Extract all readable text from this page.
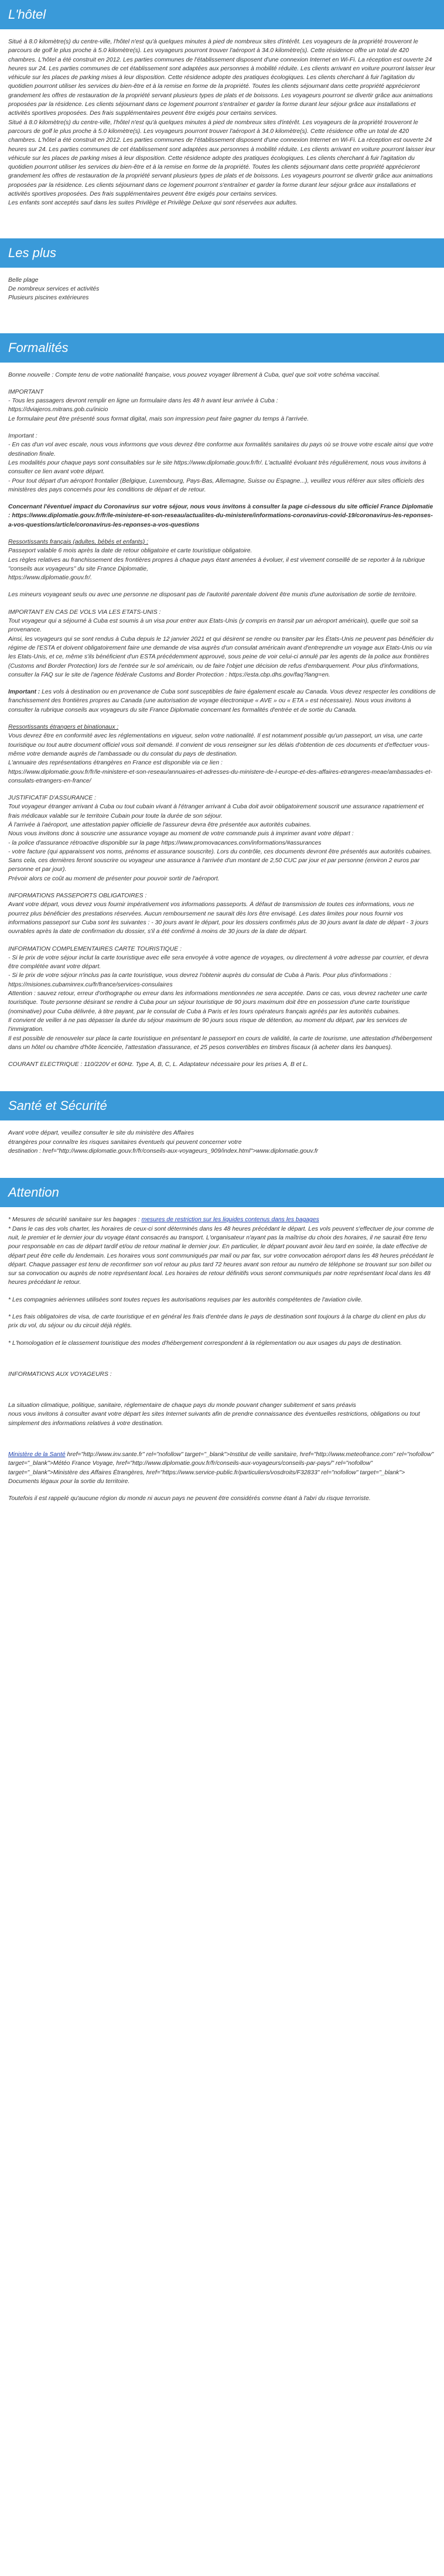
L'hôtel

Situé à 8.0 kilomètre(s) du centre-ville, l'hôtel n'est qu'à quelques minutes à pied de nombreux sites d'intérêt. Les voyageurs de la propriété trouveront le parcours de golf le plus proche à 5.0 kilomètre(s). Les voyageurs pourront trouver l'aéroport à 34.0 kilomètre(s). Cette résidence offre un total de 420 chambres. L'hôtel a été construit en 2012. Les parties communes de l'établissement disposent d'une connexion Internet en Wi-Fi. La réception est ouverte 24 heures sur 24. Les parties communes de cet établissement sont adaptées aux personnes à mobilité réduite. Les clients arrivant en voiture pourront laisser leur véhicule sur les places de parking mises à leur disposition. Cette résidence adopte des pratiques écologiques. Les clients cherchant à fuir l'agitation du quotidien pourront utiliser les services du bien-être et à la remise en forme de la propriété. Toutes les clients séjournant dans cette propriété apprécieront grandement les offres de restauration de la propriété servant plusieurs types de plats et de boissons. Les voyageurs pourront se divertir grâce aux animations proposées par la résidence. Les clients séjournant dans ce logement pourront s'entraîner et garder la forme durant leur séjour grâce aux installations et activités sportives proposées. Des frais supplémentaires peuvent être exigés pour certains services.

Situé à 8.0 kilomètre(s) du centre-ville, l'hôtel n'est qu'à quelques minutes à pied de nombreux sites d'intérêt. Les voyageurs de la propriété trouveront le parcours de golf le plus proche à 5.0 kilomètre(s). Les voyageurs pourront trouver l'aéroport à 34.0 kilomètre(s). Cette résidence offre un total de 420 chambres. L'hôtel a été construit en 2012. Les parties communes de l'établissement disposent d'une connexion Internet en Wi-Fi. La réception est ouverte 24 heures sur 24. Les parties communes de cet établissement sont adaptées aux personnes à mobilité réduite. Les clients arrivant en voiture pourront laisser leur véhicule sur les places de parking mises à leur disposition. Cette résidence adopte des pratiques écologiques. Les clients cherchant à fuir l'agitation du quotidien pourront utiliser les services du bien-être et à la remise en forme de la propriété. Toutes les clients séjournant dans cette propriété apprécieront grandement les offres de restauration de la propriété servant plusieurs types de plats et de boissons. Les voyageurs pourront se divertir grâce aux animations proposées par la résidence. Les clients séjournant dans ce logement pourront s'entraîner et garder la forme durant leur séjour grâce aux installations et activités sportives proposées. Des frais supplémentaires peuvent être exigés pour certains services.

Les enfants sont acceptés sauf dans les suites Privilège et Privilège Deluxe qui sont réservées aux adultes.

Les plus

Belle plage
De nombreux services et activités
Plusieurs piscines extérieures

Formalités

Bonne nouvelle : Compte tenu de votre nationalité française, vous pouvez voyager librement à Cuba, quel que soit votre schéma vaccinal.

IMPORTANT
- Tous les passagers devront remplir en ligne un formulaire dans les 48 h avant leur arrivée à Cuba :
https://dviajeros.mitrans.gob.cu/inicio
Le formulaire peut être présenté sous format digital, mais son impression peut faire gagner du temps à l'arrivée.

Important :
- En cas d'un vol avec escale, nous vous informons que vous devrez être conforme aux formalités sanitaires du pays où se trouve votre escale ainsi que votre destination finale.
Les modalités pour chaque pays sont consultables sur le site https://www.diplomatie.gouv.fr/fr/. L'actualité évoluant très régulièrement, nous vous invitons à consulter ce lien avant votre départ.
- Pour tout départ d'un aéroport frontalier (Belgique, Luxembourg, Pays-Bas, Allemagne, Suisse ou Espagne...), veuillez vous référer aux sites officiels des ministères des pays concernés pour les conditions de départ et de retour.

Concernant l'éventuel impact du Coronavirus sur votre séjour, nous vous invitons à consulter la page ci-dessous du site officiel France Diplomatie : https://www.diplomatie.gouv.fr/fr/le-ministere-et-son-reseau/actualites-du-ministere/informations-coronavirus-covid-19/coronavirus-les-reponses-a-vos-questions/article/coronavirus-les-reponses-a-vos-questions

Ressortissants français (adultes, bébés et enfants) :
Passeport valable 6 mois après la date de retour obligatoire et carte touristique obligatoire.
Les règles relatives au franchissement des frontières propres à chaque pays étant amenées à évoluer, il est vivement conseillé de se reporter à la rubrique "conseils aux voyageurs" du site France Diplomatie,
https://www.diplomatie.gouv.fr/.

Les mineurs voyageant seuls ou avec une personne ne disposant pas de l'autorité parentale doivent être munis d'une autorisation de sortie de territoire.

IMPORTANT EN CAS DE VOLS VIA LES ETATS-UNIS :
Tout voyageur qui a séjourné à Cuba est soumis à un visa pour entrer aux Etats-Unis (y compris en transit par un aéroport américain), quelle que soit sa provenance.
Ainsi, les voyageurs qui se sont rendus à Cuba depuis le 12 janvier 2021 et qui désirent se rendre ou transiter par les États-Unis ne peuvent pas bénéficier du régime de l'ESTA et doivent obligatoirement faire une demande de visa auprès d'un consulat américain avant d'entreprendre un voyage aux Etats-Unis ou via les Etats-Unis, et ce, même s'ils bénéficient d'un ESTA précédemment approuvé, sous peine de voir celui-ci annulé par les agents de la police aux frontières (Customs and Border Protection) lors de l'entrée sur le sol américain, ou de faire l'objet une décision de refus d'embarquement. Pour plus d'informations, consulter la FAQ sur le site de l'agence fédérale Customs and Border Protection : https://esta.cbp.dhs.gov/faq?lang=en.

Important : Les vols à destination ou en provenance de Cuba sont susceptibles de faire également escale au Canada. Vous devez respecter les conditions de franchissement des frontières propres au Canada (une autorisation de voyage électronique « AVE » ou « ETA » est nécessaire). Nous vous invitons à consulter la rubrique conseils aux voyageurs du site France Diplomatie concernant les formalités d'entrée et de sortie du Canada.

Ressortissants étrangers et binationaux :
Vous devrez être en conformité avec les réglementations en vigueur, selon votre nationalité. Il est notamment possible qu'un passeport, un visa, une carte touristique ou tout autre document officiel vous soit demandé. Il convient de vous renseigner sur les délais d'obtention de ces documents et d'effectuer vous-même votre demande auprès de l'ambassade ou du consulat du pays de destination.
L'annuaire des représentations étrangères en France est disponible via ce lien :
https://www.diplomatie.gouv.fr/fr/le-ministere-et-son-reseau/annuaires-et-adresses-du-ministere-de-l-europe-et-des-affaires-etrangeres-meae/ambassades-et-consulats-etrangers-en-france/

JUSTIFICATIF D'ASSURANCE :
Tout voyageur étranger arrivant à Cuba ou tout cubain vivant à l'étranger arrivant à Cuba doit avoir obligatoirement souscrit une assurance rapatriement et frais médicaux valable sur le territoire Cubain pour toute la durée de son séjour.
À l'arrivée à l'aéroport, une attestation papier officielle de l'assureur devra être présentée aux autorités cubaines.
Nous vous invitons donc à souscrire une assurance voyage au moment de votre commande puis à imprimer avant votre départ :
- la police d'assurance rétroactive disponible sur la page https://www.promovacances.com/informations/#assurances
- votre facture (qui apparaissent vos noms, prénoms et assurance souscrite). Lors du contrôle, ces documents devront être présentés aux autorités cubaines. Sans cela, ces dernières feront souscrire ou voyageur une assurance à l'arrivée d'un montant de 2,50 CUC par jour et par personne (environ 2 euros par personne et par jour).
Prévoir alors ce coût au moment de présenter pour pouvoir sortir de l'aéroport.

INFORMATIONS PASSEPORTS OBLIGATOIRES :
Avant votre départ, vous devez vous fournir impérativement vos informations passeports. À défaut de transmission de toutes ces informations, vous ne pourrez plus bénéficier des prestations réservées. Aucun remboursement ne saurait dès lors être envisagé. Les dates limites pour nous fournir vos informations passeport sur Cuba sont les suivantes : - 30 jours avant le départ, pour les dossiers confirmés plus de 30 jours avant la date de départ - 3 jours ouvrables après la date de confirmation du dossier, s'il a été confirmé à moins de 30 jours de la date de départ.

INFORMATION COMPLEMENTAIRES CARTE TOURISTIQUE :
- Si le prix de votre séjour inclut la carte touristique avec elle sera envoyée à votre agence de voyages, ou directement à votre adresse par courrier, et devra être complétée avant votre départ.
- Si le prix de votre séjour n'inclus pas la carte touristique, vous devrez l'obtenir auprès du consulat de Cuba à Paris. Pour plus d'informations : https://misiones.cubaminrex.cu/fr/france/services-consulaires
Attention : sauvez retour, erreur d'orthographe ou erreur dans les informations mentionnées ne sera acceptée. Dans ce cas, vous devrez racheter une carte touristique. Toute personne désirant se rendre à Cuba pour un séjour touristique de 90 jours maximum doit être en possession d'une carte touristique (nominative) pour Cuba délivrée, à titre payant, par le consulat de Cuba à Paris et les tours opérateurs français agréés par les autorités cubaines.
Il convient de veiller à ne pas dépasser la durée du séjour maximum de 90 jours sous risque de détention, au moment du départ, par les services de l'immigration.
Il est possible de renouveler sur place la carte touristique en présentant le passeport en cours de validité, la carte de tourisme, une attestation d'hébergement dans un hôtel ou chambre d'hôte licenciée, l'attestation d'assurance, et 25 pesos convertibles en timbres fiscaux (à acheter dans les banques).

COURANT ELECTRIQUE : 110/220V et 60Hz. Type A, B, C, L. Adaptateur nécessaire pour les prises A, B et L.

Santé et Sécurité

Avant votre départ, veuillez consulter le site du ministère des Affaires
étrangères pour connaître les risques sanitaires éventuels qui peuvent concerner votre
destination : href="http://www.diplomatie.gouv.fr/fr/conseils-aux-voyageurs_909/index.html">www.diplomatie.gouv.fr

Attention

* Mesures de sécurité sanitaire sur les bagages : mesures de restriction sur les liquides contenus dans les bagages

* Dans le cas des vols charter, les horaires de ceux-ci sont déterminés dans les 48 heures précédant le départ. Les vols peuvent s'effectuer de jour comme de nuit, le premier et le dernier jour du voyage étant consacrés au transport. L'organisateur n'ayant pas la maîtrise du choix des horaires, il ne saurait être tenu pour responsable en cas de départ tardif et/ou de retour matinal le dernier jour. En particulier, le départ pouvant avoir lieu tard en soirée, la date effective de départ peut être celle du lendemain. Les horaires vous sont communiqués par mail ou par fax, sur votre convocation aéroport dans les 48 heures précédant le départ. Chaque passager est tenu de reconfirmer son vol retour au plus tard 72 heures avant son retour au numéro de téléphone se trouvant sur son billet ou sur sa convocation ou auprès de notre représentant local. Les horaires de retour définitifs vous seront communiqués par notre représentant local dans les 48 heures précédant le retour.

* Les compagnies aériennes utilisées sont toutes reçues les autorisations requises par les autorités compétentes de l'aviation civile.

* Les frais obligatoires de visa, de carte touristique et en général les frais d'entrée dans le pays de destination sont toujours à la charge du client en plus du prix du vol, du séjour ou du circuit déjà réglés.

* L'homologation et le classement touristique des modes d'hébergement correspondent à la réglementation ou aux usages du pays de destination.

INFORMATIONS AUX VOYAGEURS :

La situation climatique, politique, sanitaire, réglementaire de chaque pays du monde pouvant changer subitement et sans préavis

nous vous invitons à consulter avant votre départ les sites Internet suivants afin de prendre connaissance des éventuelles restrictions, obligations ou tout simplement des informations relatives à votre destination.

Ministère de la Santé href="http://www.inv.sante.fr" rel="nofollow" target="_blank">Institut de veille sanitaire, href="http://www.meteofrance.com" rel="nofollow" target="_blank">Météo France Voyage, href="http://www.diplomatie.gouv.fr/fr/conseils-aux-voyageurs/conseils-par-pays/" rel="nofollow" target="_blank">Ministère des Affaires Étrangères, href="https://www.service-public.fr/particuliers/vosdroits/F32833" rel="nofollow" target="_blank"> Documents légaux pour la sortie du territoire.

Toutefois il est rappelé qu'aucune région du monde ni aucun pays ne peuvent être considérés comme étant à l'abri du risque terroriste.
